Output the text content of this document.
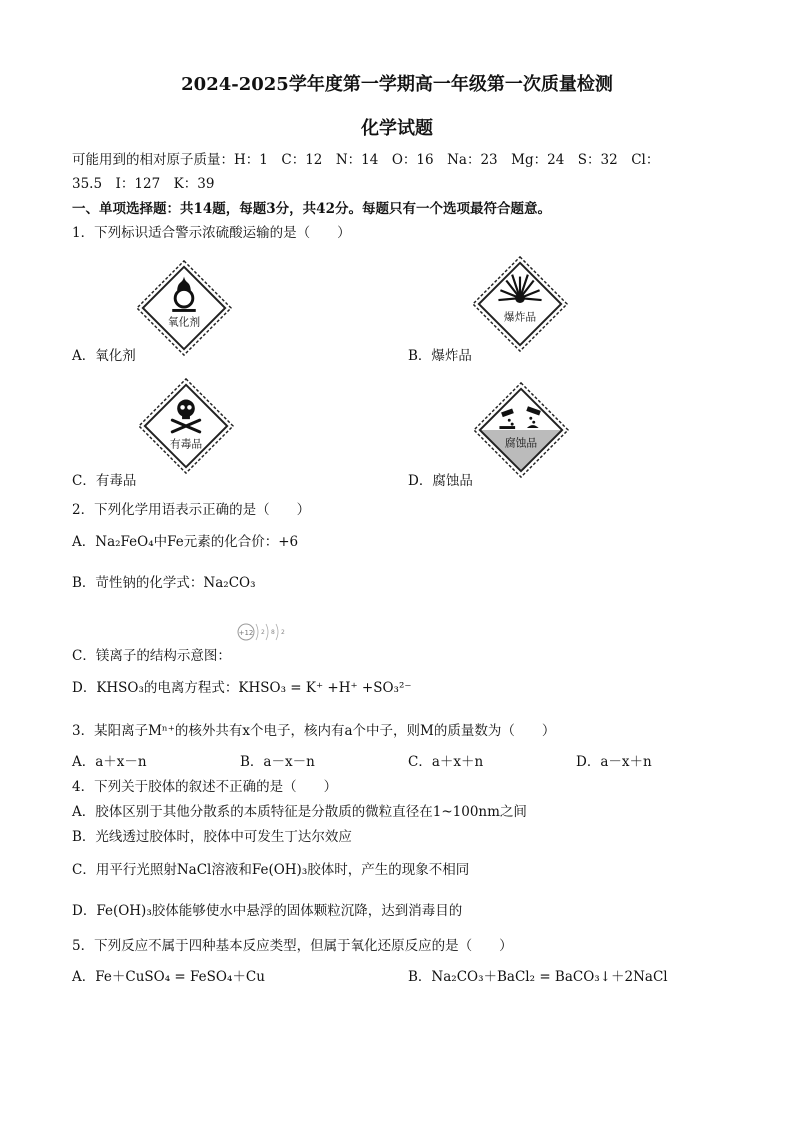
2024-2025学年度第一学期高一年级第一次质量检测
化学试题
可能用到的相对原子质量：H：1　C：12　N：14　O：16　Na：23　Mg：24　S：32　Cl：
35.5　I：127　K：39
一、单项选择题：共14题，每题3分，共42分。每题只有一个选项最符合题意。
1．下列标识适合警示浓硫酸运输的是（　　）
氧化剂	爆炸品
A．氧化剂	B．爆炸品
有毒品	腐蚀品
C．有毒品	D．腐蚀品
2．下列化学用语表示正确的是（　　）
A．Na₂FeO₄中Fe元素的化合价：+6
B．苛性钠的化学式：Na₂CO₃
+12 2 8 2
C．镁离子的结构示意图：
D．KHSO₃的电离方程式：KHSO₃ = K⁺ +H⁺ +SO₃²⁻
3．某阳离子Mⁿ⁺的核外共有x个电子，核内有a个中子，则M的质量数为（　　）
A．a＋x－n	B．a－x－n	C．a＋x＋n	D．a－x＋n
4．下列关于胶体的叙述不正确的是（　　）
A．胶体区别于其他分散系的本质特征是分散质的微粒直径在1~100nm之间
B．光线透过胶体时，胶体中可发生丁达尔效应
C．用平行光照射NaCl溶液和Fe(OH)₃胶体时，产生的现象不相同
D．Fe(OH)₃胶体能够使水中悬浮的固体颗粒沉降，达到消毒目的
5．下列反应不属于四种基本反应类型，但属于氧化还原反应的是（　　）
A．Fe＋CuSO₄ = FeSO₄＋Cu	B．Na₂CO₃＋BaCl₂ = BaCO₃↓＋2NaCl
